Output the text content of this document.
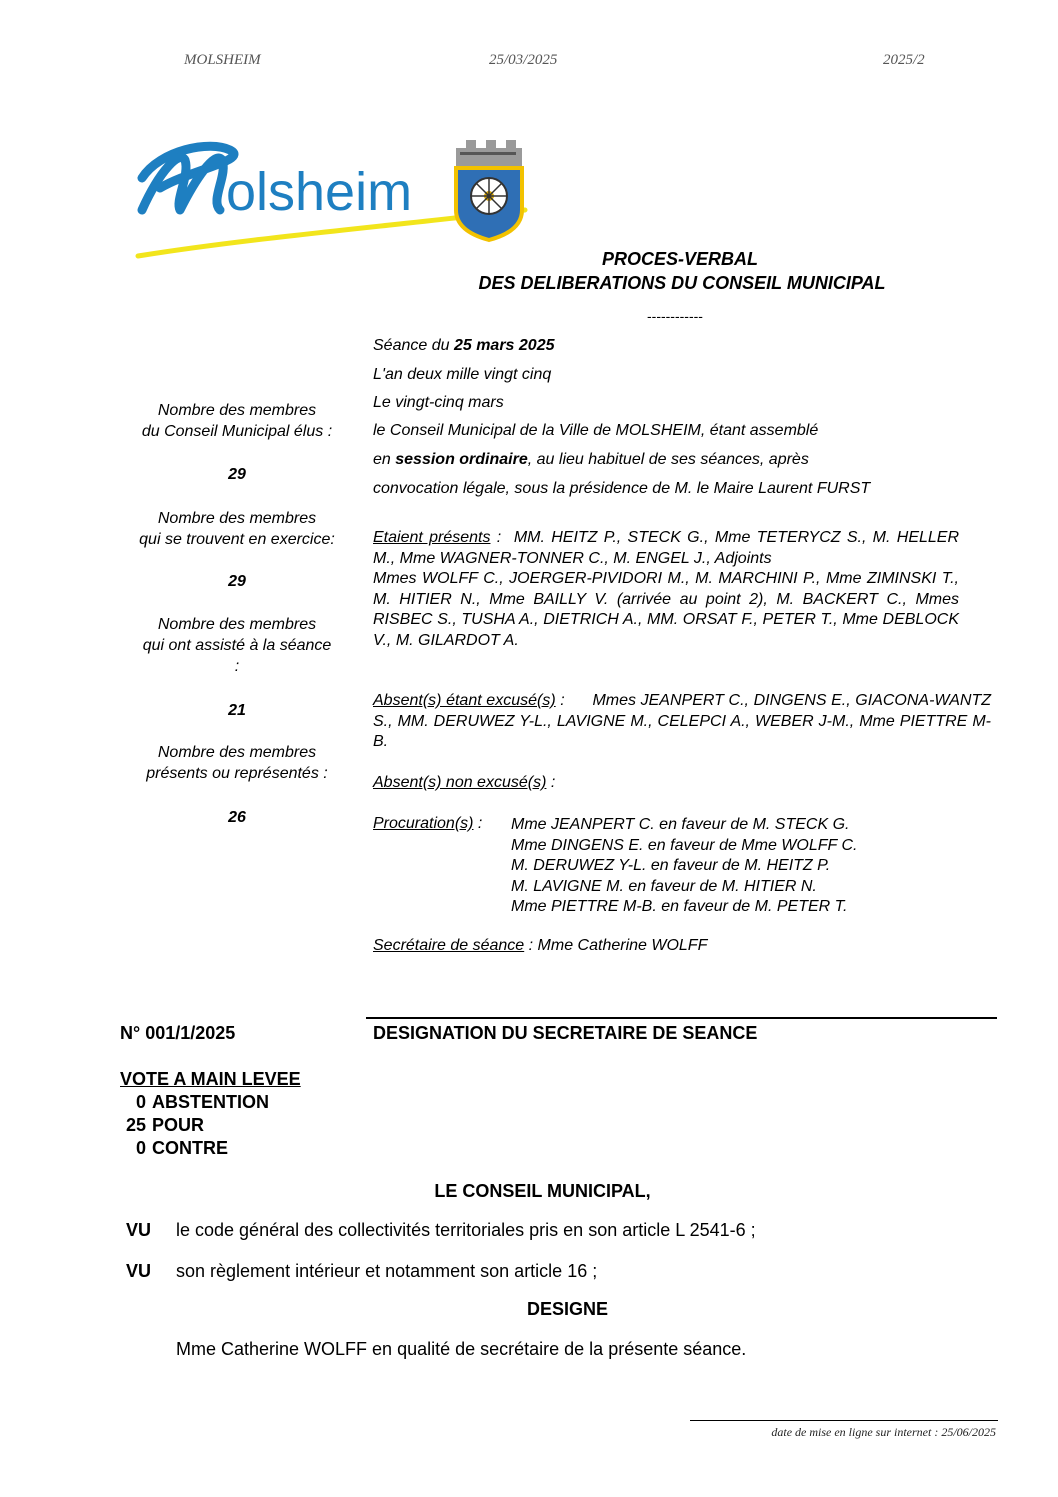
MOLSHEIM	25/03/2025	2025/2
olsheim
PROCES-VERBAL
DES DELIBERATIONS DU CONSEIL MUNICIPAL
------------
Séance du 25 mars 2025
L'an deux mille vingt cinq
Le vingt-cinq mars
le Conseil Municipal de la Ville de MOLSHEIM, étant assemblé
en session ordinaire, au lieu habituel de ses séances, après
convocation légale, sous la présidence de M. le Maire Laurent FURST
Nombre des membres
du Conseil Municipal élus :
29
Nombre des membres
qui se trouvent en exercice:
29
Nombre des membres
qui ont assisté à la séance
:
21
Nombre des membres
présents ou représentés :
26
Etaient présents :  MM. HEITZ P., STECK G., Mme TETERYCZ S., M. HELLER M., Mme WAGNER-TONNER C., M. ENGEL J., Adjoints
Mmes WOLFF C., JOERGER-PIVIDORI M., M. MARCHINI P., Mme ZIMINSKI T., M. HITIER N., Mme BAILLY V. (arrivée au point 2), M. BACKERT C., Mmes RISBEC S., TUSHA A., DIETRICH A., MM. ORSAT F., PETER T., Mme DEBLOCK V., M. GILARDOT A.
Absent(s) étant excusé(s) :      Mmes JEANPERT C., DINGENS E., GIACONA-WANTZ S., MM. DERUWEZ Y-L., LAVIGNE M., CELEPCI A., WEBER J-M., Mme PIETTRE M-B.
Absent(s) non excusé(s) :
Procuration(s) : Mme JEANPERT C. en faveur de M. STECK G.
Mme DINGENS E. en faveur de Mme WOLFF C.
M. DERUWEZ Y-L. en faveur de M. HEITZ P.
M. LAVIGNE M. en faveur de M. HITIER N.
Mme PIETTRE M-B. en faveur de M. PETER T.
Secrétaire de séance : Mme Catherine WOLFF
N° 001/1/2025	DESIGNATION DU SECRETAIRE DE SEANCE
VOTE A MAIN LEVEE
0 ABSTENTION
25 POUR
0 CONTRE
LE CONSEIL MUNICIPAL,
VU le code général des collectivités territoriales pris en son article L 2541-6 ;
VU son règlement intérieur et notamment son article 16 ;
DESIGNE
Mme Catherine WOLFF en qualité de secrétaire de la présente séance.
date de mise en ligne sur internet : 25/06/2025
